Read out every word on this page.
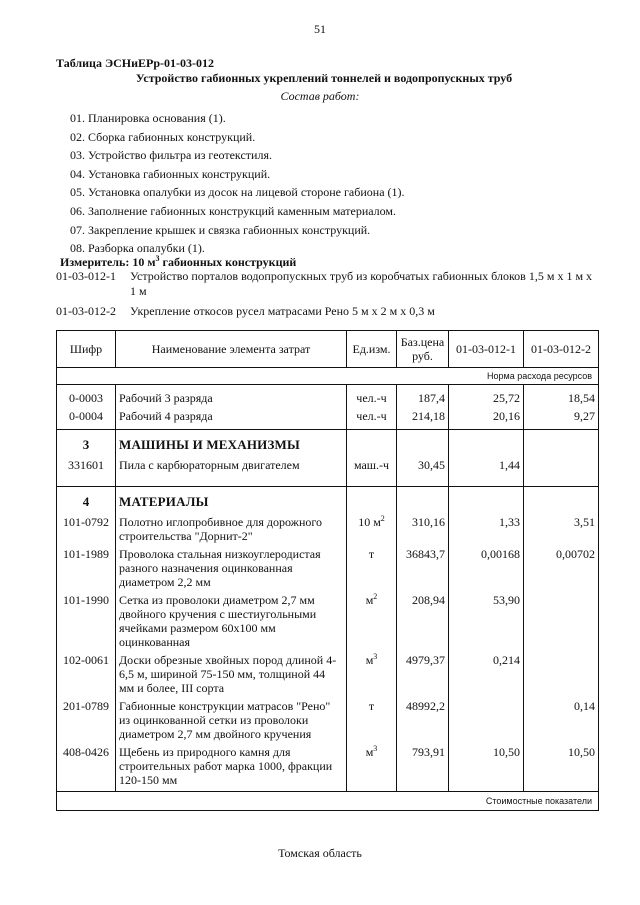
51
Таблица ЭСНиЕРр-01-03-012
Устройство габионных укреплений тоннелей и водопропускных труб
Состав работ:
01. Планировка основания (1).
02. Сборка габионных конструкций.
03. Устройство фильтра из геотекстиля.
04. Установка габионных конструкций.
05. Установка опалубки из досок на лицевой стороне габиона (1).
06. Заполнение габионных конструкций каменным материалом.
07. Закрепление крышек и связка габионных конструкций.
08. Разборка опалубки (1).
Измеритель: 10 $м^3$ габионных конструкций
01-03-012-1	Устройство порталов водопропускных труб из коробчатых габионных блоков 1,5 м х 1 м х 1 м
01-03-012-2	Укрепление откосов русел матрасами Рено 5 м х 2 м х 0,3 м
Шифр	Наименование элемента затрат	Ед.изм.	Баз.цена руб.	01-03-012-1	01-03-012-2
Норма расхода ресурсов					

0-0003	Рабочий 3 разряда	чел.-ч	187,4	25,72	18,54
0-0004	Рабочий 4 разряда	чел.-ч	214,18	20,16	9,27

3	МАШИНЫ И МЕХАНИЗМЫ				
331601	Пила с карбюраторным двигателем	маш.-ч	30,45	1,44	

4	МАТЕРИАЛЫ				
101-0792	Полотно иглопробивное для дорожного строительства "Дорнит-2"	10 $м^2$	310,16	1,33	3,51
101-1989	Проволока стальная низкоуглеродистая разного назначения оцинкованная диаметром 2,2 мм	т	36843,7	0,00168	0,00702
101-1990	Сетка из проволоки диаметром 2,7 мм двойного кручения с шестиугольными ячейками размером 60х100 мм оцинкованная	$м^2$	208,94	53,90	
102-0061	Доски обрезные хвойных пород длиной 4-6,5 м, шириной 75-150 мм, толщиной 44 мм и более, III сорта	$м^3$	4979,37	0,214	
201-0789	Габионные конструкции матрасов "Рено" из оцинкованной сетки из проволоки диаметром 2,7 мм двойного кручения	т	48992,2		0,14
408-0426	Щебень из природного камня для строительных работ марка 1000, фракции 120-150 мм	$м^3$	793,91	10,50	10,50
Стоимостные показатели					
Томская область
